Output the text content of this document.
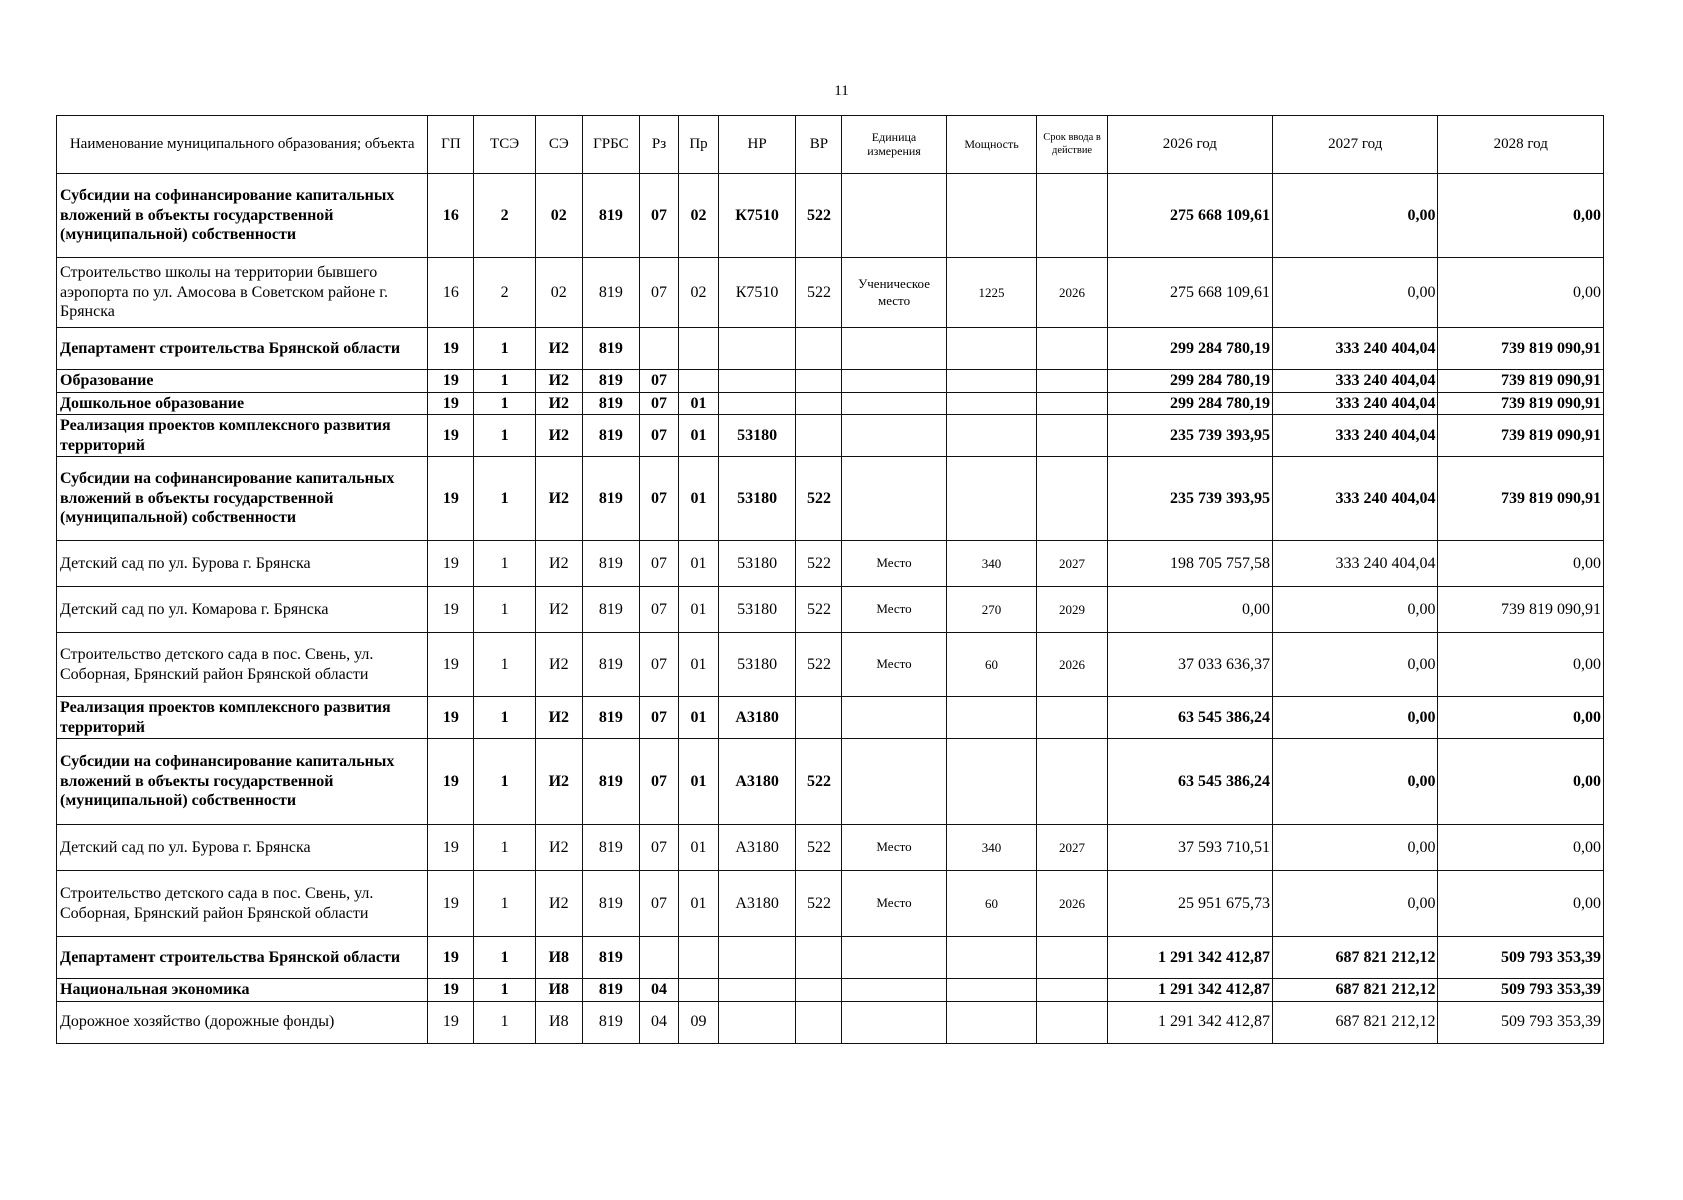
11
Наименование муниципального образования; объекта	ГП	ТСЭ	СЭ	ГРБС	Рз	Пр	НР	ВР	Единица измерения	Мощность	Срок ввода в действие	2026 год	2027 год	2028 год
Субсидии на софинансирование капитальных вложений в объекты государственной (муниципальной) собственности	16	2	02	819	07	02	К7510	522				275 668 109,61	0,00	0,00
Строительство школы на территории бывшего аэропорта по ул. Амосова в Советском районе г. Брянска	16	2	02	819	07	02	К7510	522	Ученическое место	1225	2026	275 668 109,61	0,00	0,00
Департамент строительства Брянской области	19	1	И2	819								299 284 780,19	333 240 404,04	739 819 090,91
Образование	19	1	И2	819	07							299 284 780,19	333 240 404,04	739 819 090,91
Дошкольное образование	19	1	И2	819	07	01						299 284 780,19	333 240 404,04	739 819 090,91
Реализация проектов комплексного развития территорий	19	1	И2	819	07	01	53180					235 739 393,95	333 240 404,04	739 819 090,91
Субсидии на софинансирование капитальных вложений в объекты государственной (муниципальной) собственности	19	1	И2	819	07	01	53180	522				235 739 393,95	333 240 404,04	739 819 090,91
Детский сад по ул. Бурова г. Брянска	19	1	И2	819	07	01	53180	522	Место	340	2027	198 705 757,58	333 240 404,04	0,00
Детский сад по ул. Комарова г. Брянска	19	1	И2	819	07	01	53180	522	Место	270	2029	0,00	0,00	739 819 090,91
Строительство детского сада в пос. Свень, ул. Соборная, Брянский район Брянской области	19	1	И2	819	07	01	53180	522	Место	60	2026	37 033 636,37	0,00	0,00
Реализация проектов комплексного развития территорий	19	1	И2	819	07	01	А3180					63 545 386,24	0,00	0,00
Субсидии на софинансирование капитальных вложений в объекты государственной (муниципальной) собственности	19	1	И2	819	07	01	А3180	522				63 545 386,24	0,00	0,00
Детский сад по ул. Бурова г. Брянска	19	1	И2	819	07	01	А3180	522	Место	340	2027	37 593 710,51	0,00	0,00
Строительство детского сада в пос. Свень, ул. Соборная, Брянский район Брянской области	19	1	И2	819	07	01	А3180	522	Место	60	2026	25 951 675,73	0,00	0,00
Департамент строительства Брянской области	19	1	И8	819								1 291 342 412,87	687 821 212,12	509 793 353,39
Национальная экономика	19	1	И8	819	04							1 291 342 412,87	687 821 212,12	509 793 353,39
Дорожное хозяйство (дорожные фонды)	19	1	И8	819	04	09						1 291 342 412,87	687 821 212,12	509 793 353,39
